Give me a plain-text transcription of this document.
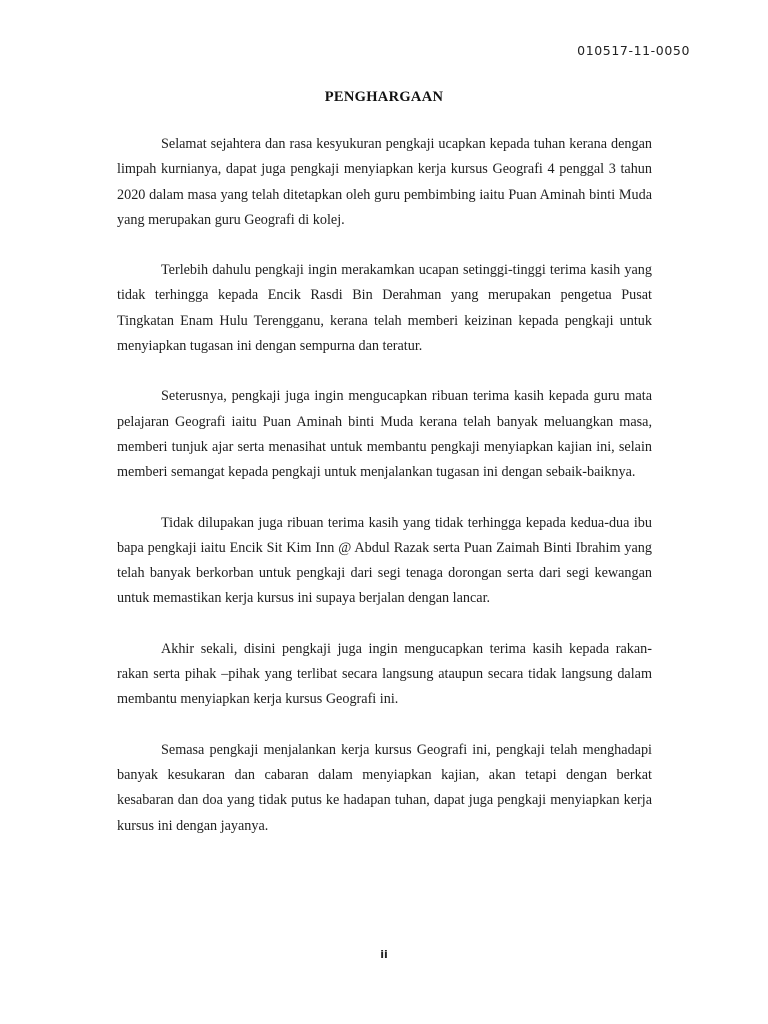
010517-11-0050
PENGHARGAAN

Selamat sejahtera dan rasa kesyukuran pengkaji ucapkan kepada tuhan kerana dengan limpah kurnianya, dapat juga pengkaji menyiapkan kerja kursus Geografi 4 penggal 3 tahun 2020 dalam masa yang telah ditetapkan oleh guru pembimbing iaitu Puan Aminah binti Muda yang merupakan guru Geografi di kolej.

Terlebih dahulu pengkaji ingin merakamkan ucapan setinggi-tinggi terima kasih yang tidak terhingga kepada Encik Rasdi Bin Derahman yang merupakan pengetua Pusat Tingkatan Enam Hulu Terengganu, kerana telah memberi keizinan kepada pengkaji untuk menyiapkan tugasan ini dengan sempurna dan teratur.

Seterusnya, pengkaji juga ingin mengucapkan ribuan terima kasih kepada guru mata pelajaran Geografi iaitu Puan Aminah binti Muda kerana telah banyak meluangkan masa, memberi tunjuk ajar serta menasihat untuk membantu pengkaji menyiapkan kajian ini, selain memberi semangat kepada pengkaji untuk menjalankan tugasan ini dengan sebaik-baiknya.

Tidak dilupakan juga ribuan terima kasih yang tidak terhingga kepada kedua-dua ibu bapa pengkaji iaitu Encik Sit Kim Inn @ Abdul Razak serta Puan Zaimah Binti Ibrahim yang telah banyak berkorban untuk pengkaji dari segi tenaga dorongan serta dari segi kewangan untuk memastikan kerja kursus ini supaya berjalan dengan lancar.

Akhir sekali, disini pengkaji juga ingin mengucapkan terima kasih kepada rakan-rakan serta pihak –pihak yang terlibat secara langsung ataupun secara tidak langsung dalam membantu menyiapkan kerja kursus Geografi ini.

Semasa pengkaji menjalankan kerja kursus Geografi ini, pengkaji telah menghadapi banyak kesukaran dan cabaran dalam menyiapkan kajian, akan tetapi dengan berkat kesabaran dan doa yang tidak putus ke hadapan tuhan, dapat juga pengkaji menyiapkan kerja kursus ini dengan jayanya.

ii
